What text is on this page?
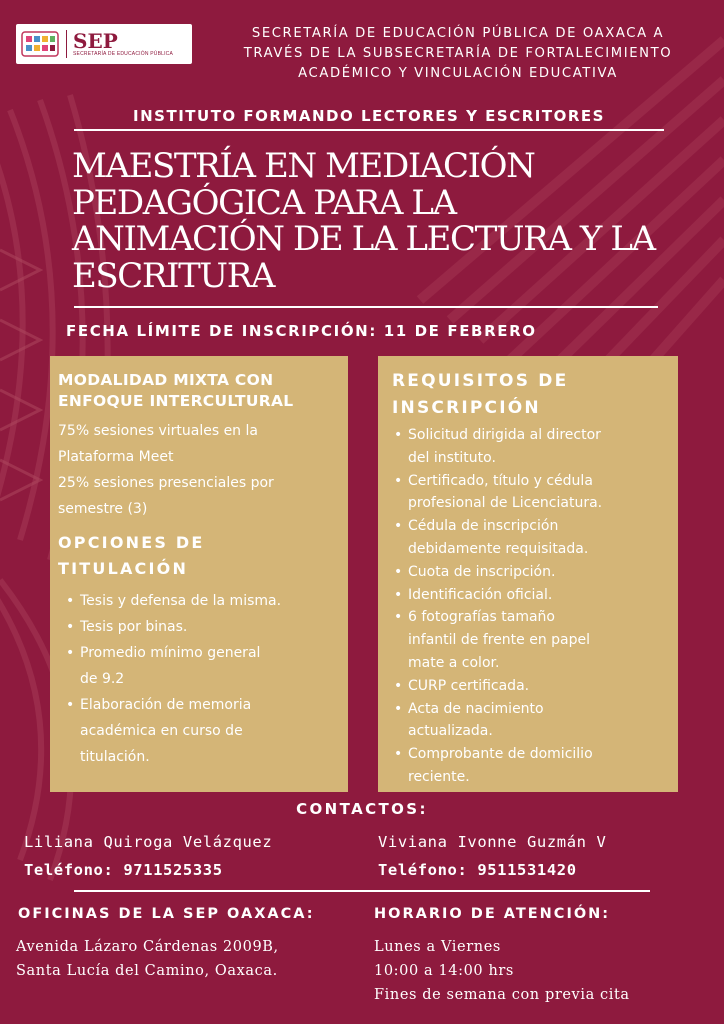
SEP
SECRETARÍA DE EDUCACIÓN PÚBLICA
SECRETARÍA DE EDUCACIÓN PÚBLICA DE OAXACA A
TRAVÉS DE LA SUBSECRETARÍA DE FORTALECIMIENTO
ACADÉMICO Y VINCULACIÓN EDUCATIVA
INSTITUTO FORMANDO LECTORES Y ESCRITORES
MAESTRÍA EN MEDIACIÓN
PEDAGÓGICA PARA LA
ANIMACIÓN DE LA LECTURA Y LA
ESCRITURA
FECHA LÍMITE DE INSCRIPCIÓN: 11 DE FEBRERO
MODALIDAD MIXTA CON
ENFOQUE INTERCULTURAL
75% sesiones virtuales en la
Plataforma Meet
25% sesiones presenciales por
semestre (3)
OPCIONES DE
TITULACIÓN
• Tesis y defensa de la misma.
• Tesis por binas.
• Promedio mínimo general
de 9.2
• Elaboración de memoria
académica en curso de
titulación.
REQUISITOS DE
INSCRIPCIÓN
• Solicitud dirigida al director
del instituto.
• Certificado, título y cédula
profesional de Licenciatura.
• Cédula de inscripción
debidamente requisitada.
• Cuota de inscripción.
• Identificación oficial.
• 6 fotografías tamaño
infantil de frente en papel
mate a color.
• CURP certificada.
• Acta de nacimiento
actualizada.
• Comprobante de domicilio
reciente.
CONTACTOS:
Liliana Quiroga Velázquez
Teléfono: 9711525335
Viviana Ivonne Guzmán V
Teléfono: 9511531420
OFICINAS DE LA SEP OAXACA:	HORARIO DE ATENCIÓN:
Avenida Lázaro Cárdenas 2009B,
Santa Lucía del Camino, Oaxaca.
Lunes a Viernes
10:00 a 14:00 hrs
Fines de semana con previa cita
